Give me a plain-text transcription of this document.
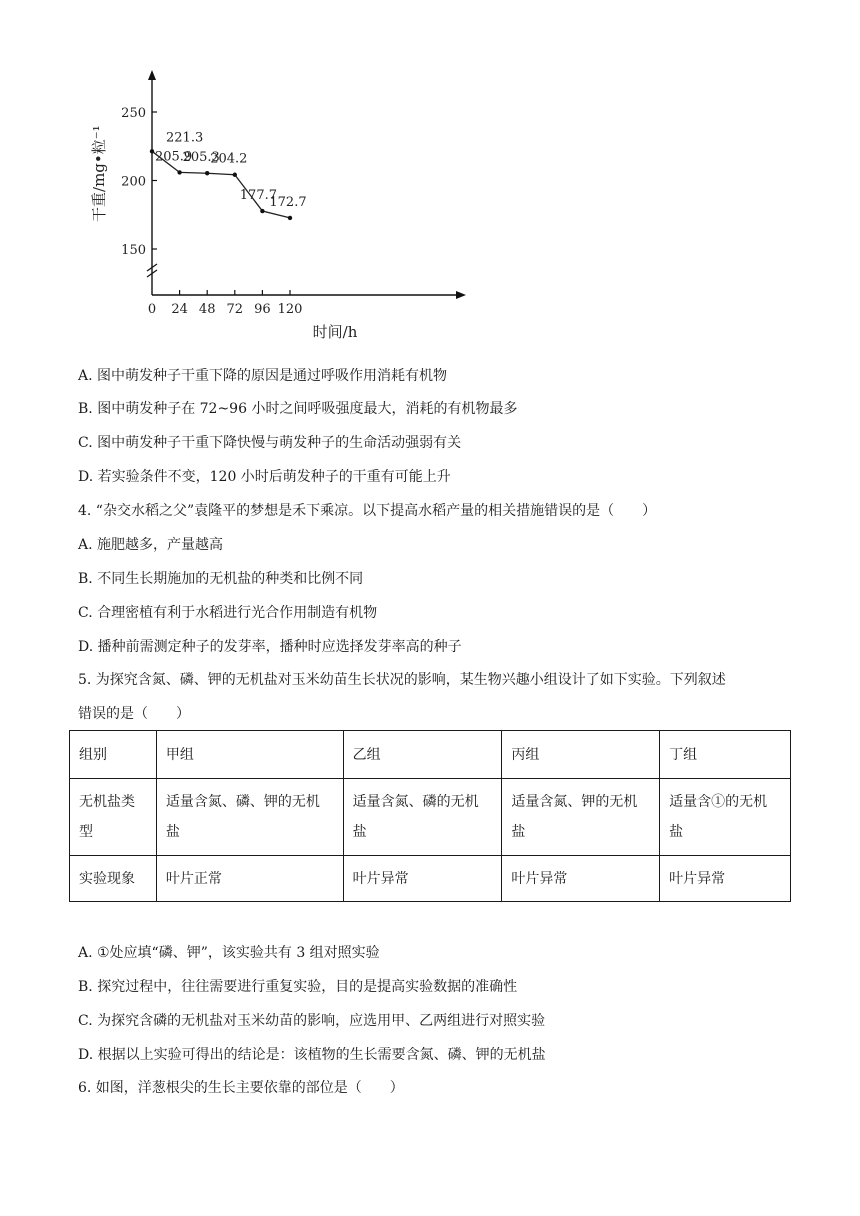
150
200
250
0 24 48 72 96 120
221.3
205.9
205.3
204.2
177.7
172.7
时间/h
干重/mg•粒⁻¹

A. 图中萌发种子干重下降的原因是通过呼吸作用消耗有机物

B. 图中萌发种子在 72~96 小时之间呼吸强度最大，消耗的有机物最多

C. 图中萌发种子干重下降快慢与萌发种子的生命活动强弱有关

D. 若实验条件不变，120 小时后萌发种子的干重有可能上升

4. “杂交水稻之父”袁隆平的梦想是禾下乘凉。以下提高水稻产量的相关措施错误的是（　　）

A. 施肥越多，产量越高

B. 不同生长期施加的无机盐的种类和比例不同

C. 合理密植有利于水稻进行光合作用制造有机物

D. 播种前需测定种子的发芽率，播种时应选择发芽率高的种子

5. 为探究含氮、磷、钾的无机盐对玉米幼苗生长状况的影响，某生物兴趣小组设计了如下实验。下列叙述

错误的是（　　）

组别	甲组	乙组	丙组	丁组
无机盐类型	适量含氮、磷、钾的无机盐	适量含氮、磷的无机盐	适量含氮、钾的无机盐	适量含①的无机盐
实验现象	叶片正常	叶片异常	叶片异常	叶片异常

A. ①处应填“磷、钾”，该实验共有 3 组对照实验

B. 探究过程中，往往需要进行重复实验，目的是提高实验数据的准确性

C. 为探究含磷的无机盐对玉米幼苗的影响，应选用甲、乙两组进行对照实验

D. 根据以上实验可得出的结论是：该植物的生长需要含氮、磷、钾的无机盐

6. 如图，洋葱根尖的生长主要依靠的部位是（　　）
